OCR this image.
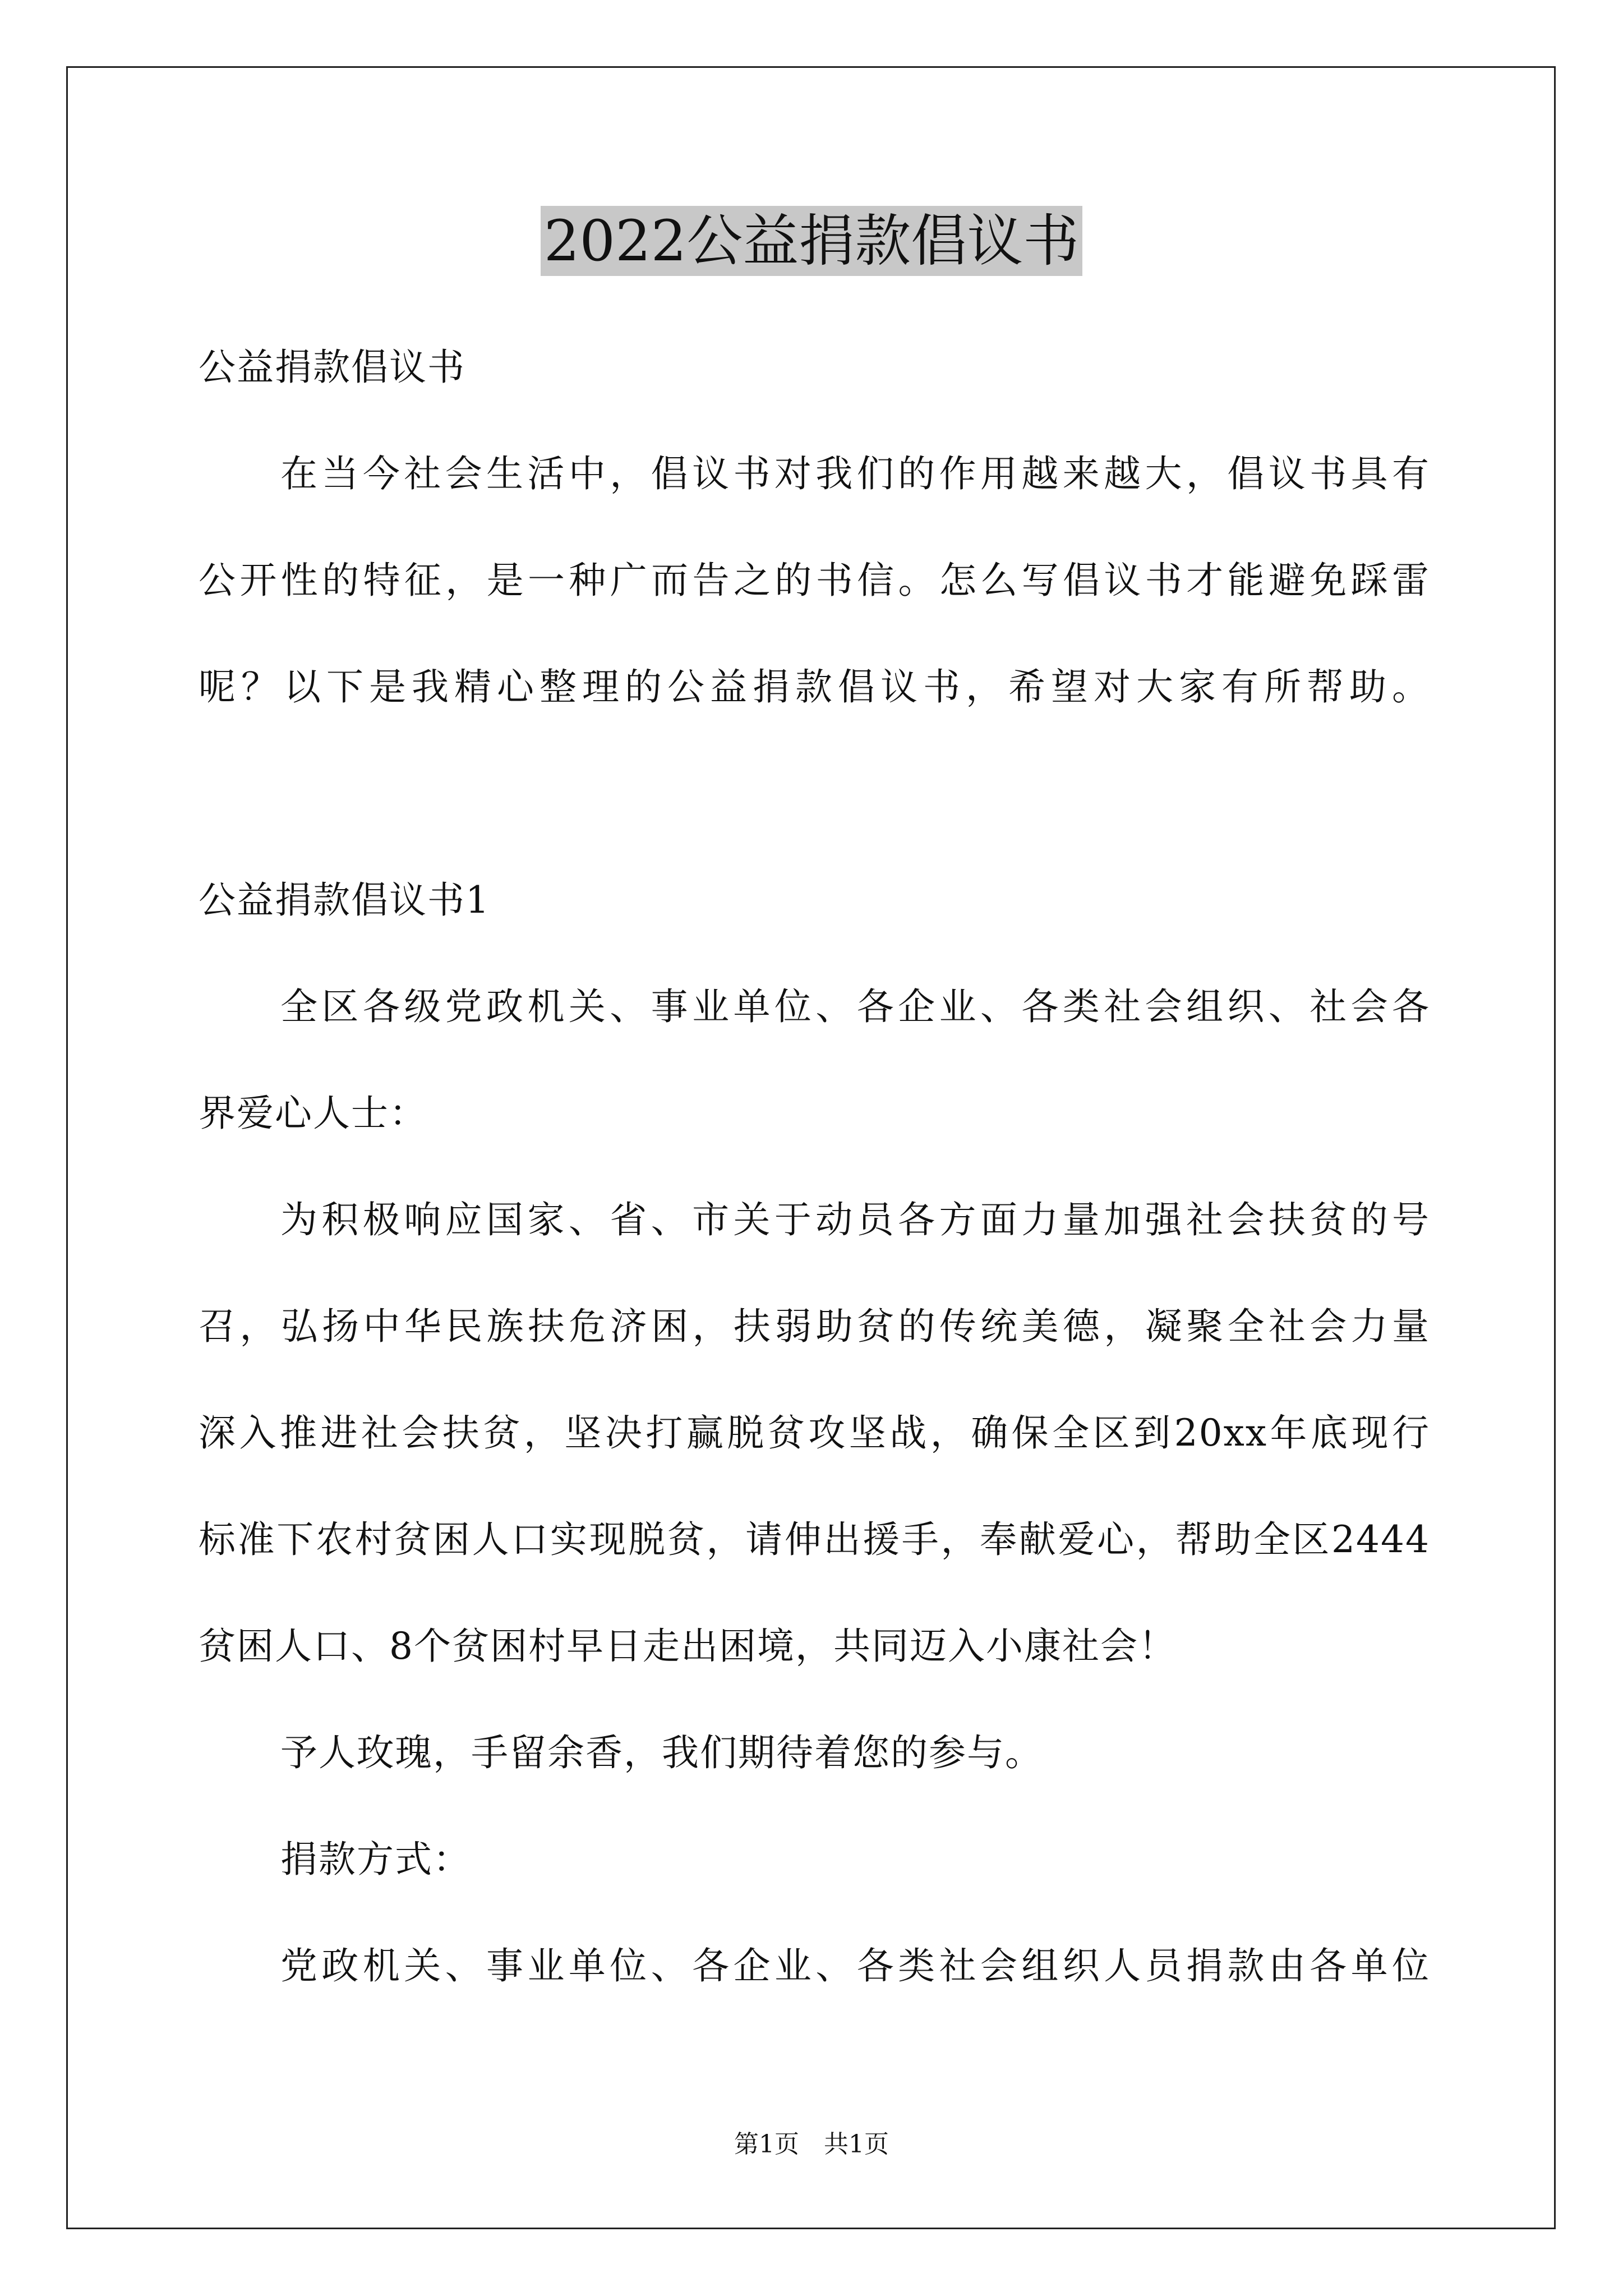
2022公益捐款倡议书
公益捐款倡议书
在当今社会生活中，倡议书对我们的作用越来越大，倡议书具有
公开性的特征，是一种广而告之的书信。怎么写倡议书才能避免踩雷
呢？以下是我精心整理的公益捐款倡议书，希望对大家有所帮助。
公益捐款倡议书1
全区各级党政机关、事业单位、各企业、各类社会组织、社会各
界爱心人士：
为积极响应国家、省、市关于动员各方面力量加强社会扶贫的号
召，弘扬中华民族扶危济困，扶弱助贫的传统美德，凝聚全社会力量
深入推进社会扶贫，坚决打赢脱贫攻坚战，确保全区到20xx年底现行
标准下农村贫困人口实现脱贫，请伸出援手，奉献爱心，帮助全区2444
贫困人口、8个贫困村早日走出困境，共同迈入小康社会！
予人玫瑰，手留余香，我们期待着您的参与。
捐款方式：
党政机关、事业单位、各企业、各类社会组织人员捐款由各单位
第1页　共1页
